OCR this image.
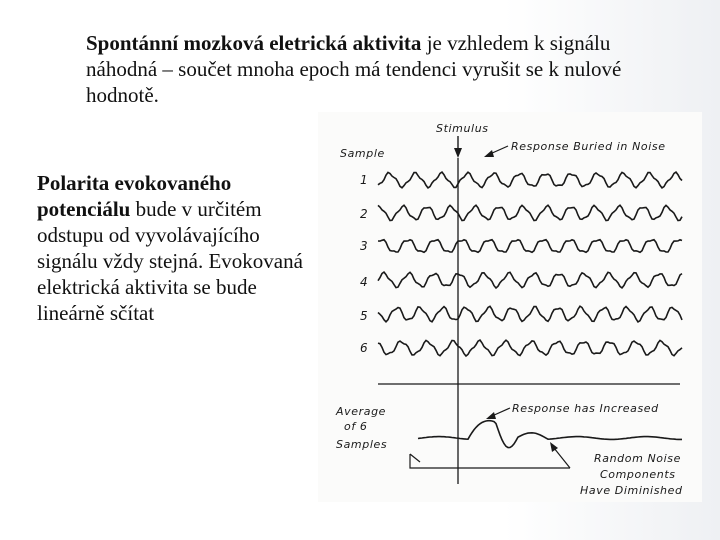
Spontánní mozková eletrická aktivita je vzhledem k signálu náhodná – součet mnoha epoch má tendenci vyrušit se k nulové hodnotě.
Polarita evokovaného potenciálu bude v určitém odstupu od vyvolávajícího signálu vždy stejná. Evokovaná elektrická aktivita se bude lineárně sčítat
Stimulus
Sample
Response Buried in Noise
1
2
3
4
5
6
Average
of 6
Samples
Response has Increased
Random Noise
Components
Have Diminished
